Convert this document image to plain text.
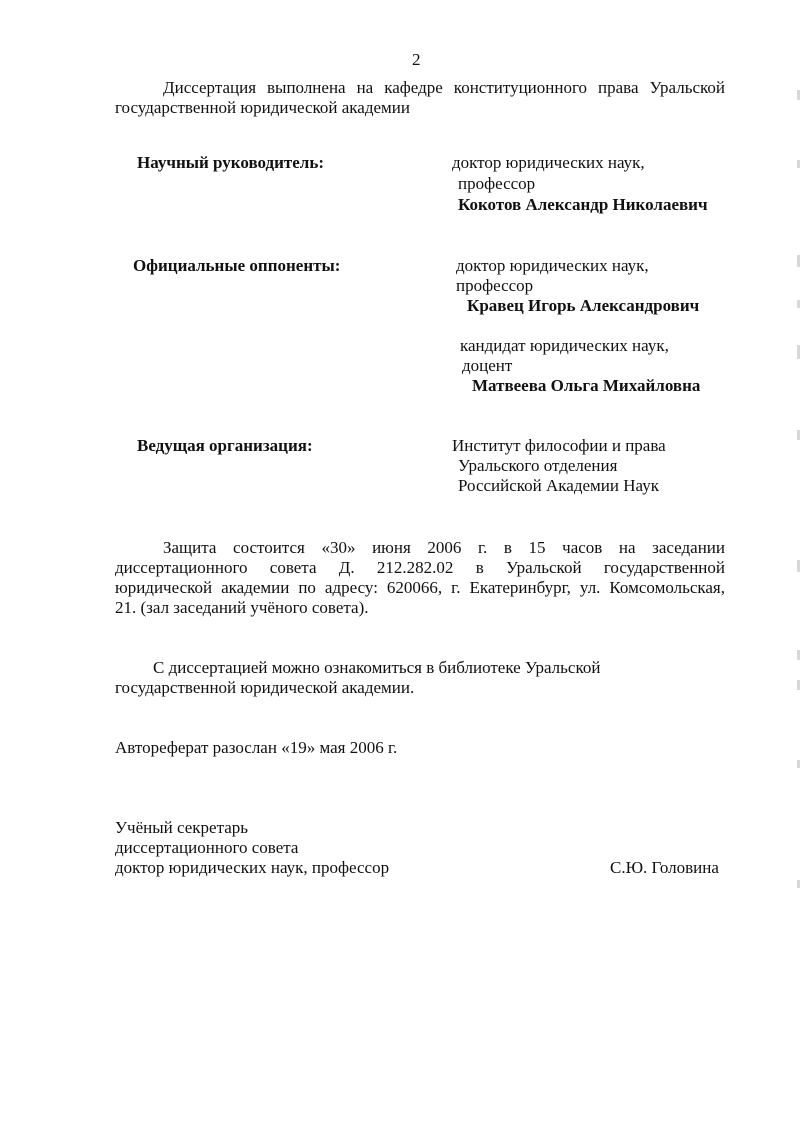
2
Диссертация выполнена на кафедре конституционного права Уральской
государственной юридической академии
Научный руководитель:	доктор юридических наук,
профессор
Кокотов Александр Николаевич
Официальные оппоненты:	доктор юридических наук,
профессор
Кравец Игорь Александрович
кандидат юридических наук,
доцент
Матвеева Ольга Михайловна
Ведущая организация:	Институт философии и права
Уральского отделения
Российской Академии Наук
Защита состоится «30» июня 2006 г. в 15 часов на заседании
диссертационного совета Д. 212.282.02 в Уральской государственной
юридической академии по адресу: 620066, г. Екатеринбург, ул. Комсомольская,
21. (зал заседаний учёного совета).
С диссертацией можно ознакомиться в библиотеке Уральской
государственной юридической академии.
Автореферат разослан «19» мая 2006 г.
Учёный секретарь
диссертационного совета
доктор юридических наук, профессор	С.Ю. Головина
